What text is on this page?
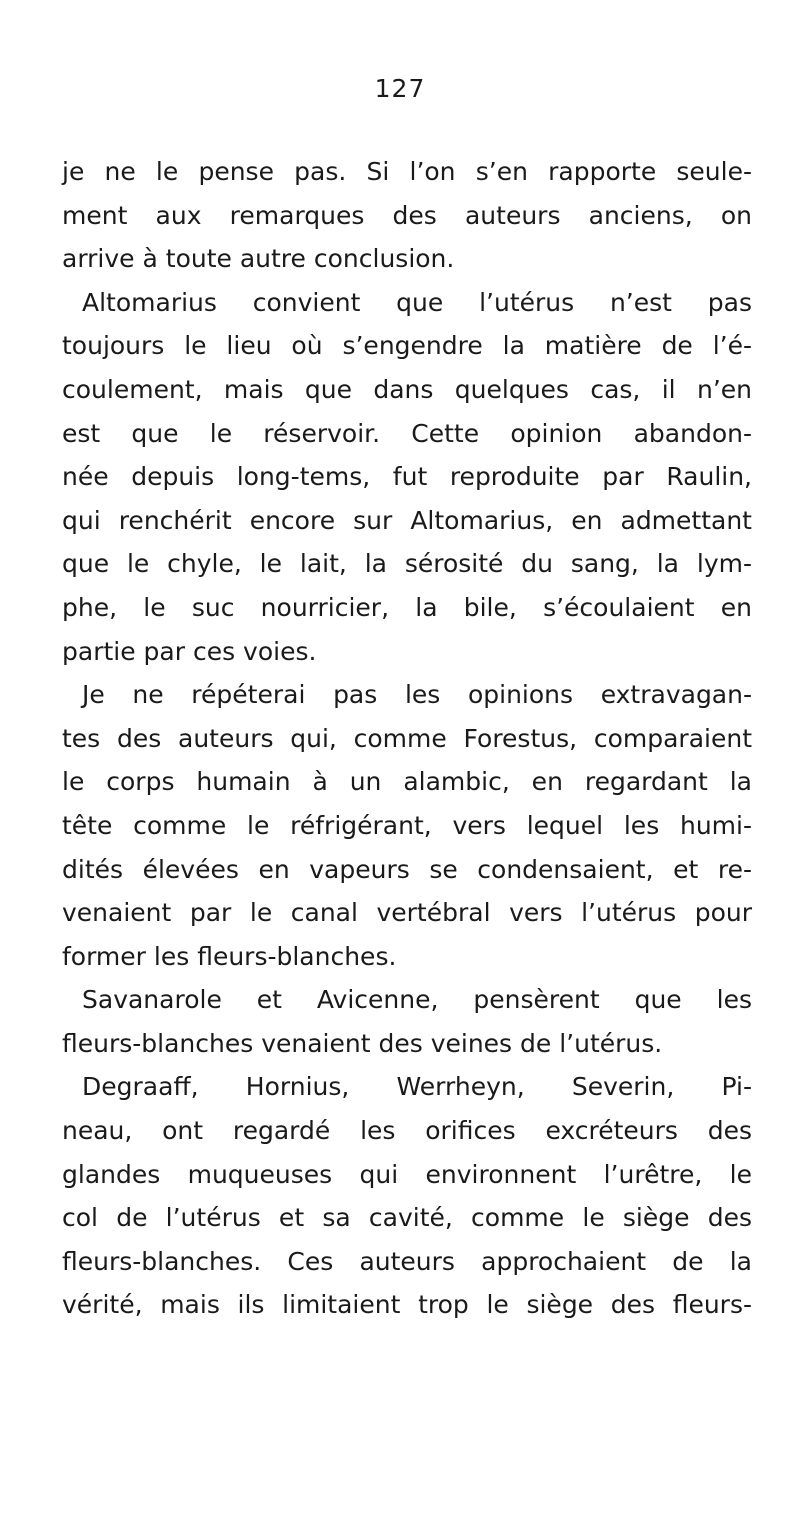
127
je ne le pense pas. Si l’on s’en rapporte seule-
ment aux remarques des auteurs anciens, on
arrive à toute autre conclusion.
Altomarius convient que l’utérus n’est pas
toujours le lieu où s’engendre la matière de l’é-
coulement, mais que dans quelques cas, il n’en
est que le réservoir. Cette opinion abandon-
née depuis long-tems, fut reproduite par Raulin,
qui renchérit encore sur Altomarius, en admettant
que le chyle, le lait, la sérosité du sang, la lym-
phe, le suc nourricier, la bile, s’écoulaient en
partie par ces voies.
Je ne répéterai pas les opinions extravagan-
tes des auteurs qui, comme Forestus, comparaient
le corps humain à un alambic, en regardant la
tête comme le réfrigérant, vers lequel les humi-
dités élevées en vapeurs se condensaient, et re-
venaient par le canal vertébral vers l’utérus pour
former les fleurs-blanches.
Savanarole et Avicenne, pensèrent que les
fleurs-blanches venaient des veines de l’utérus.
Degraaff, Hornius, Werrheyn, Severin, Pi-
neau, ont regardé les orifices excréteurs des
glandes muqueuses qui environnent l’urêtre, le
col de l’utérus et sa cavité, comme le siège des
fleurs-blanches. Ces auteurs approchaient de la
vérité, mais ils limitaient trop le siège des fleurs-
